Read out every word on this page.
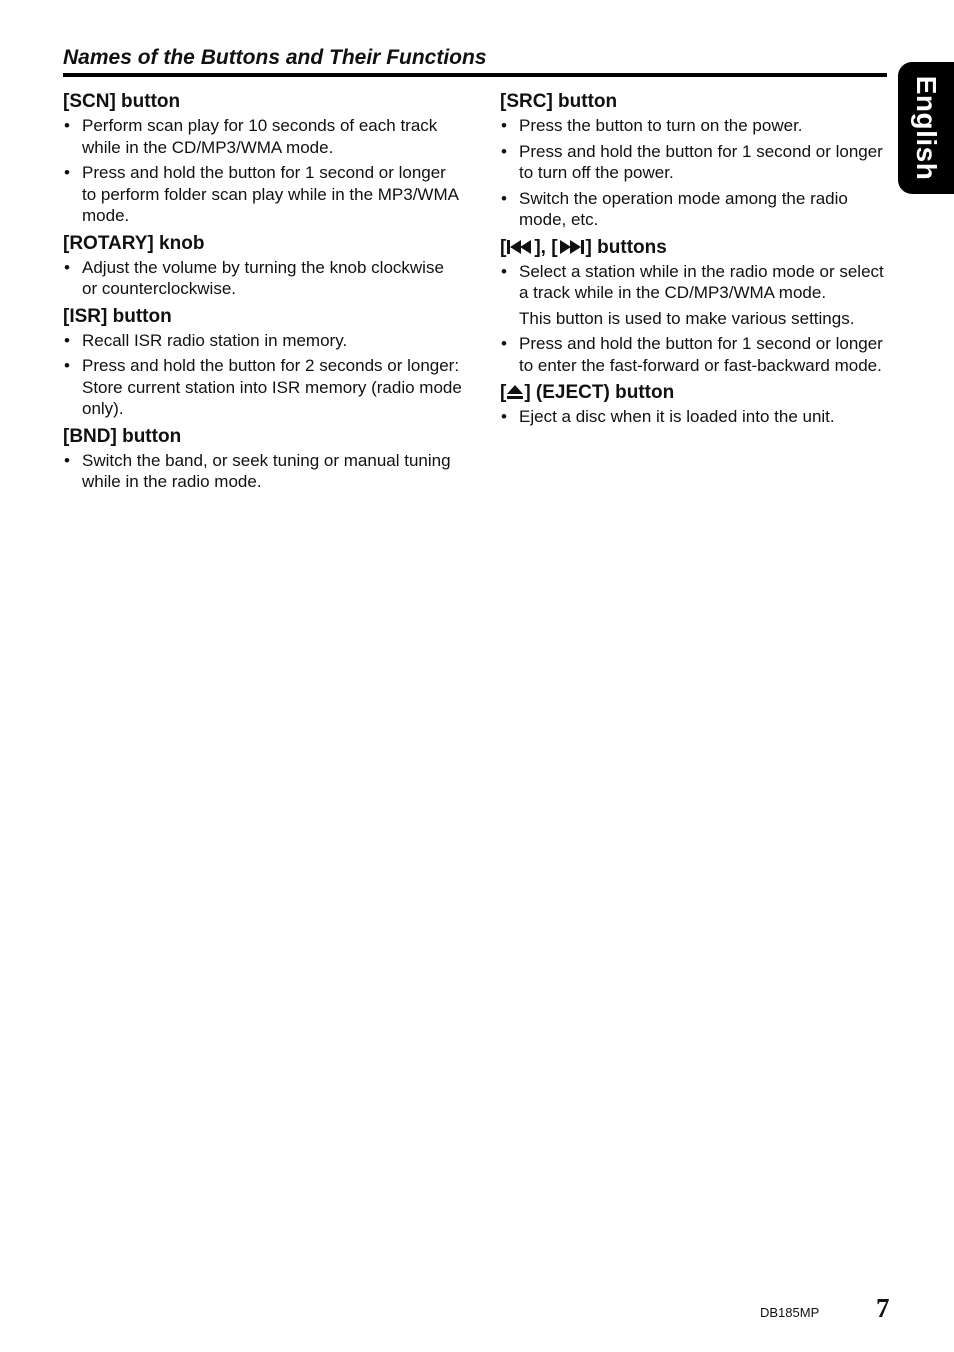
Names of the Buttons and Their Functions
English
[SCN] button
• Perform scan play for 10 seconds of each track while in the CD/MP3/WMA mode.
• Press and hold the button for 1 second or longer to perform folder scan play while in the MP3/WMA mode.
[ROTARY] knob
• Adjust the volume by turning the knob clockwise or counterclockwise.
[ISR] button
• Recall ISR radio station in memory.
• Press and hold the button for 2 seconds or longer: Store current station into ISR memory (radio mode only).
[BND] button
• Switch the band, or seek tuning or manual tuning while in the radio mode.
[SRC] button
• Press the button to turn on the power.
• Press and hold the button for 1 second or longer to turn off the power.
• Switch the operation mode among the radio mode, etc.
[ ], [ ] buttons
• Select a station while in the radio mode or select a track while in the CD/MP3/WMA mode.
This button is used to make various settings.
• Press and hold the button for 1 second or longer to enter the fast-forward or fast-backward mode.
[ ] (EJECT) button
• Eject a disc when it is loaded into the unit.
DB185MP 7
